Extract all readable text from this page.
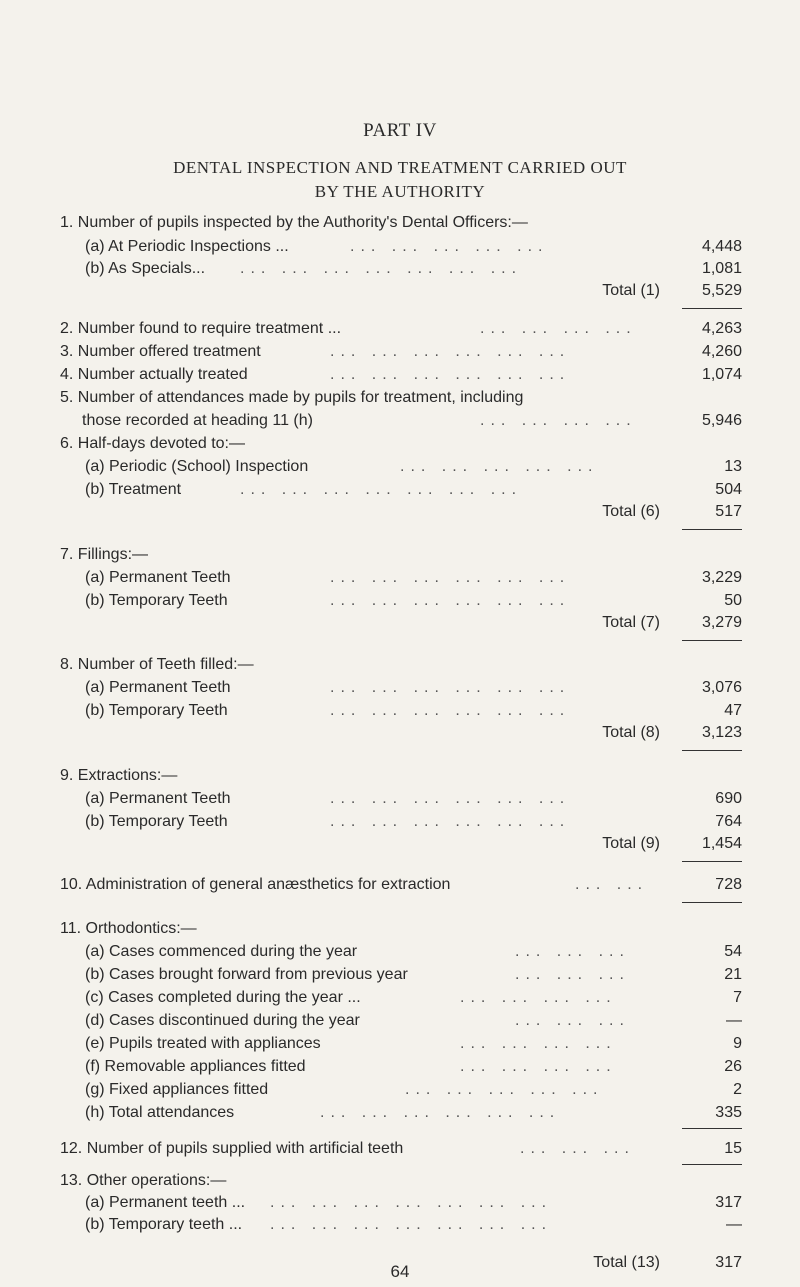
PART IV
DENTAL INSPECTION AND TREATMENT CARRIED OUT
BY THE AUTHORITY
1. Number of pupils inspected by the Authority's Dental Officers:—
(a) At Periodic Inspections ...	... ... ... ... ...	4,448
(b) As Specials... ... ... ... ... ... ... ...	1,081
Total (1)	5,529
2. Number found to require treatment ...	... ... ... ...	4,263
3. Number offered treatment	... ... ... ... ... ...	4,260
4. Number actually treated	... ... ... ... ... ...	1,074
5. Number of attendances made by pupils for treatment, including
those recorded at heading 11 (h)	... ... ... ...	5,946
6. Half-days devoted to:—
(a) Periodic (School) Inspection	... ... ... ... ...	13
(b) Treatment	... ... ... ... ... ... ...	504
Total (6)	517
7. Fillings:—
(a) Permanent Teeth	... ... ... ... ... ...	3,229
(b) Temporary Teeth	... ... ... ... ... ...	50
Total (7)	3,279
8. Number of Teeth filled:—
(a) Permanent Teeth	... ... ... ... ... ...	3,076
(b) Temporary Teeth	... ... ... ... ... ...	47
Total (8)	3,123
9. Extractions:—
(a) Permanent Teeth	... ... ... ... ... ...	690
(b) Temporary Teeth	... ... ... ... ... ...	764
Total (9)	1,454
10. Administration of general anæsthetics for extraction	... ...	728
11. Orthodontics:—
(a) Cases commenced during the year	... ... ...	54
(b) Cases brought forward from previous year	... ... ...	21
(c) Cases completed during the year ...	... ... ... ...	7
(d) Cases discontinued during the year	... ... ...	—
(e) Pupils treated with appliances	... ... ... ...	9
(f) Removable appliances fitted	... ... ... ...	26
(g) Fixed appliances fitted	... ... ... ... ...	2
(h) Total attendances	... ... ... ... ... ...	335
12. Number of pupils supplied with artificial teeth	... ... ...	15
13. Other operations:—
(a) Permanent teeth ... ... ... ... ... ... ... ...	317
(b) Temporary teeth ... ... ... ... ... ... ... ...	—
Total (13)	317
64
